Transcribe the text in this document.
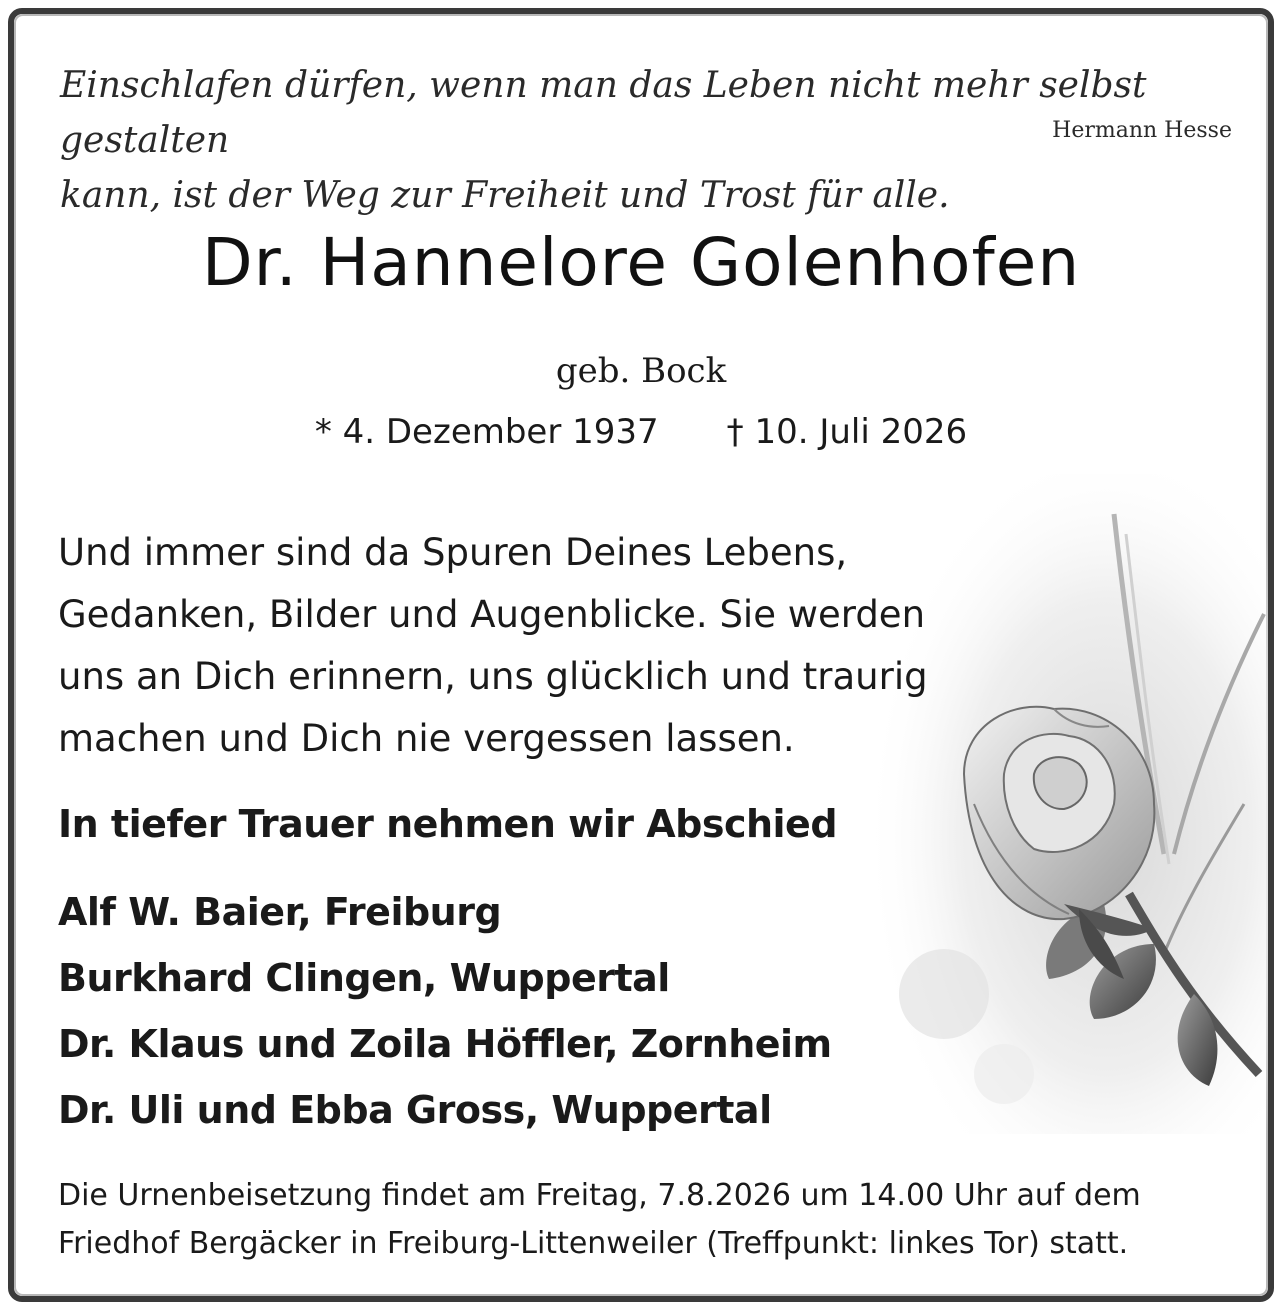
Einschlafen dürfen, wenn man das Leben nicht mehr selbst gestalten
kann, ist der Weg zur Freiheit und Trost für alle.
Hermann Hesse
Dr. Hannelore Golenhofen
geb. Bock
* 4. Dezember 1937 † 10. Juli 2026
Und immer sind da Spuren Deines Lebens,
Gedanken, Bilder und Augenblicke. Sie werden
uns an Dich erinnern, uns glücklich und traurig
machen und Dich nie vergessen lassen.
In tiefer Trauer nehmen wir Abschied
Alf W. Baier, Freiburg
Burkhard Clingen, Wuppertal
Dr. Klaus und Zoila Höffler, Zornheim
Dr. Uli und Ebba Gross, Wuppertal
Die Urnenbeisetzung findet am Freitag, 7.8.2026 um 14.00 Uhr auf dem
Friedhof Bergäcker in Freiburg-Littenweiler (Treffpunkt: linkes Tor) statt.
